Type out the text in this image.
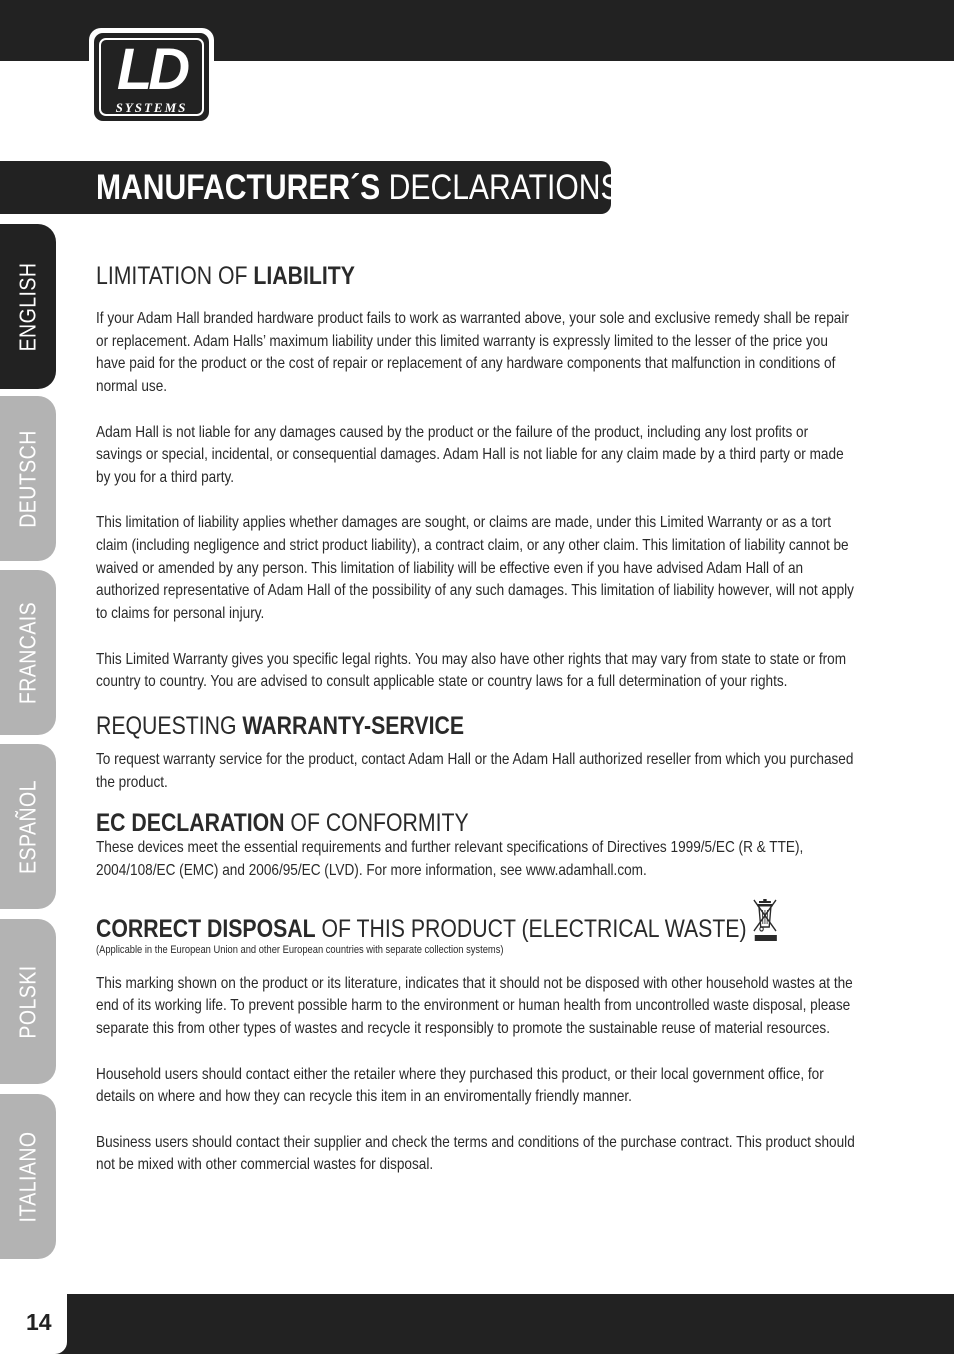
LD
SYSTEMS
MANUFACTURER´S DECLARATIONS:
ENGLISH
DEUTSCH
FRANCAIS
ESPAÑOL
POLSKI
ITALIANO
LIMITATION OF LIABILITY

If your Adam Hall branded hardware product fails to work as warranted above, your sole and exclusive remedy shall be repair or replacement. Adam Halls’ maximum liability under this limited warranty is expressly limited to the lesser of the price you have paid for the product or the cost of repair or replacement of any hardware components that malfunction in conditions of normal use.

Adam Hall is not liable for any damages caused by the product or the failure of the product, including any lost profits or savings or special, incidental, or consequential damages. Adam Hall is not liable for any claim made by a third party or made by you for a third party.

This limitation of liability applies whether damages are sought, or claims are made, under this Limited Warranty or as a tort claim (including negligence and strict product liability), a contract claim, or any other claim. This limitation of liability cannot be waived or amended by any person. This limitation of liability will be effective even if you have advised Adam Hall of an authorized representative of Adam Hall of the possibility of any such damages. This limitation of liability however, will not apply to claims for personal injury.

This Limited Warranty gives you specific legal rights. You may also have other rights that may vary from state to state or from country to country. You are advised to consult applicable state or country laws for a full determination of your rights.

REQUESTING WARRANTY-SERVICE

To request warranty service for the product, contact Adam Hall or the Adam Hall authorized reseller from which you purchased the product.

EC DECLARATION OF CONFORMITY

These devices meet the essential requirements and further relevant specifications of Directives 1999/5/EC (R & TTE), 2004/108/EC (EMC) and 2006/95/EC (LVD). For more information, see www.adamhall.com.

CORRECT DISPOSAL OF THIS PRODUCT (ELECTRICAL WASTE)

(Applicable in the European Union and other European countries with separate collection systems)

This marking shown on the product or its literature, indicates that it should not be disposed with other household wastes at the end of its working life. To prevent possible harm to the environment or human health from uncontrolled waste disposal, please separate this from other types of wastes and recycle it responsibly to promote the sustainable reuse of material resources.

Household users should contact either the retailer where they purchased this product, or their local government office, for details on where and how they can recycle this item in an enviromentally friendly manner.

Business users should contact their supplier and check the terms and conditions of the purchase contract. This product should not be mixed with other commercial wastes for disposal.

14
